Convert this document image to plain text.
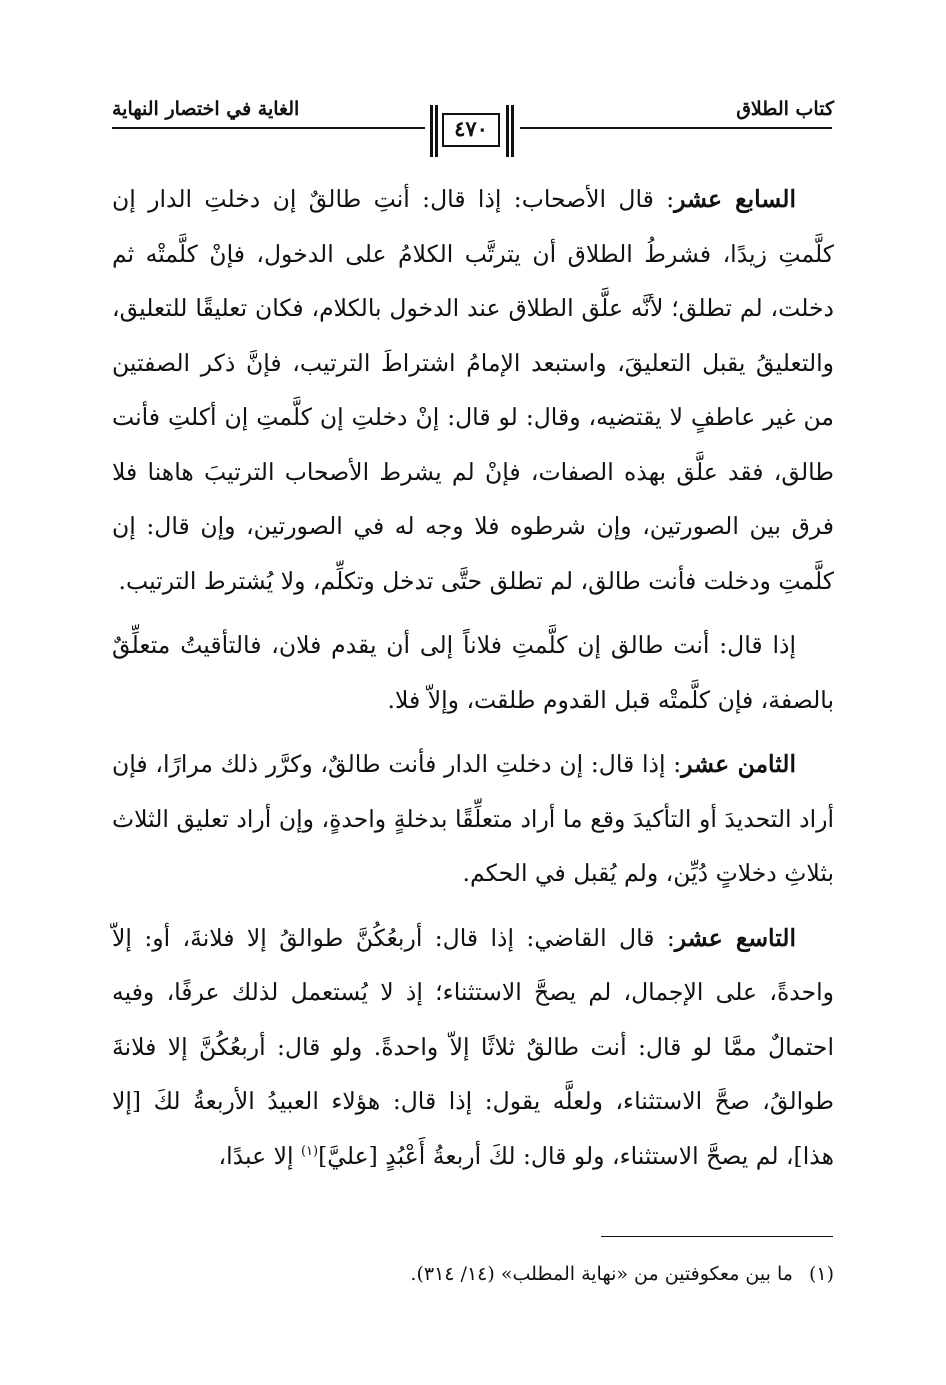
كتاب الطلاق
الغاية في اختصار النهاية
٤٧٠

السابع عشر: قال الأصحاب: إذا قال: أنتِ طالقٌ إن دخلتِ الدار إن كلَّمتِ زيدًا، فشرطُ الطلاق أن يترتَّب الكلامُ على الدخول، فإنْ كلَّمتْه ثم دخلت، لم تطلق؛ لأنَّه علَّق الطلاق عند الدخول بالكلام، فكان تعليقًا للتعليق، والتعليقُ يقبل التعليقَ، واستبعد الإمامُ اشتراطَ الترتيب، فإنَّ ذكر الصفتين من غير عاطفٍ لا يقتضيه، وقال: لو قال: إنْ دخلتِ إن كلَّمتِ إن أكلتِ فأنت طالق، فقد علَّق بهذه الصفات، فإنْ لم يشرط الأصحاب الترتيبَ هاهنا فلا فرق بين الصورتين، وإن شرطوه فلا وجه له في الصورتين، وإن قال: إن كلَّمتِ ودخلت فأنت طالق، لم تطلق حتَّى تدخل وتكلِّم، ولا يُشترط الترتيب.

إذا قال: أنت طالق إن كلَّمتِ فلاناً إلى أن يقدم فلان، فالتأقيتُ متعلِّقٌ بالصفة، فإن كلَّمتْه قبل القدوم طلقت، وإلاّ فلا.

الثامن عشر: إذا قال: إن دخلتِ الدار فأنت طالقٌ، وكرَّر ذلك مرارًا، فإن أراد التحديدَ أو التأكيدَ وقع ما أراد متعلِّقًا بدخلةٍ واحدةٍ، وإن أراد تعليق الثلاث بثلاثِ دخلاتٍ دُيِّن، ولم يُقبل في الحكم.

التاسع عشر: قال القاضي: إذا قال: أربعُكُنَّ طوالقُ إلا فلانةَ، أو: إلاّ واحدةً، على الإجمال، لم يصحَّ الاستثناء؛ إذ لا يُستعمل لذلك عرفًا، وفيه احتمالٌ ممَّا لو قال: أنت طالقٌ ثلاثًا إلاّ واحدةً. ولو قال: أربعُكُنَّ إلا فلانةَ طوالقُ، صحَّ الاستثناء، ولعلَّه يقول: إذا قال: هؤلاء العبيدُ الأربعةُ لكَ [إلا هذا]، لم يصحَّ الاستثناء، ولو قال: لكَ أربعةُ أَعْبُدٍ [عليَّ]$^{(١)}$ إلا عبدًا،

(١)ما بين معكوفتين من «نهاية المطلب» (١٤/ ٣١٤).
